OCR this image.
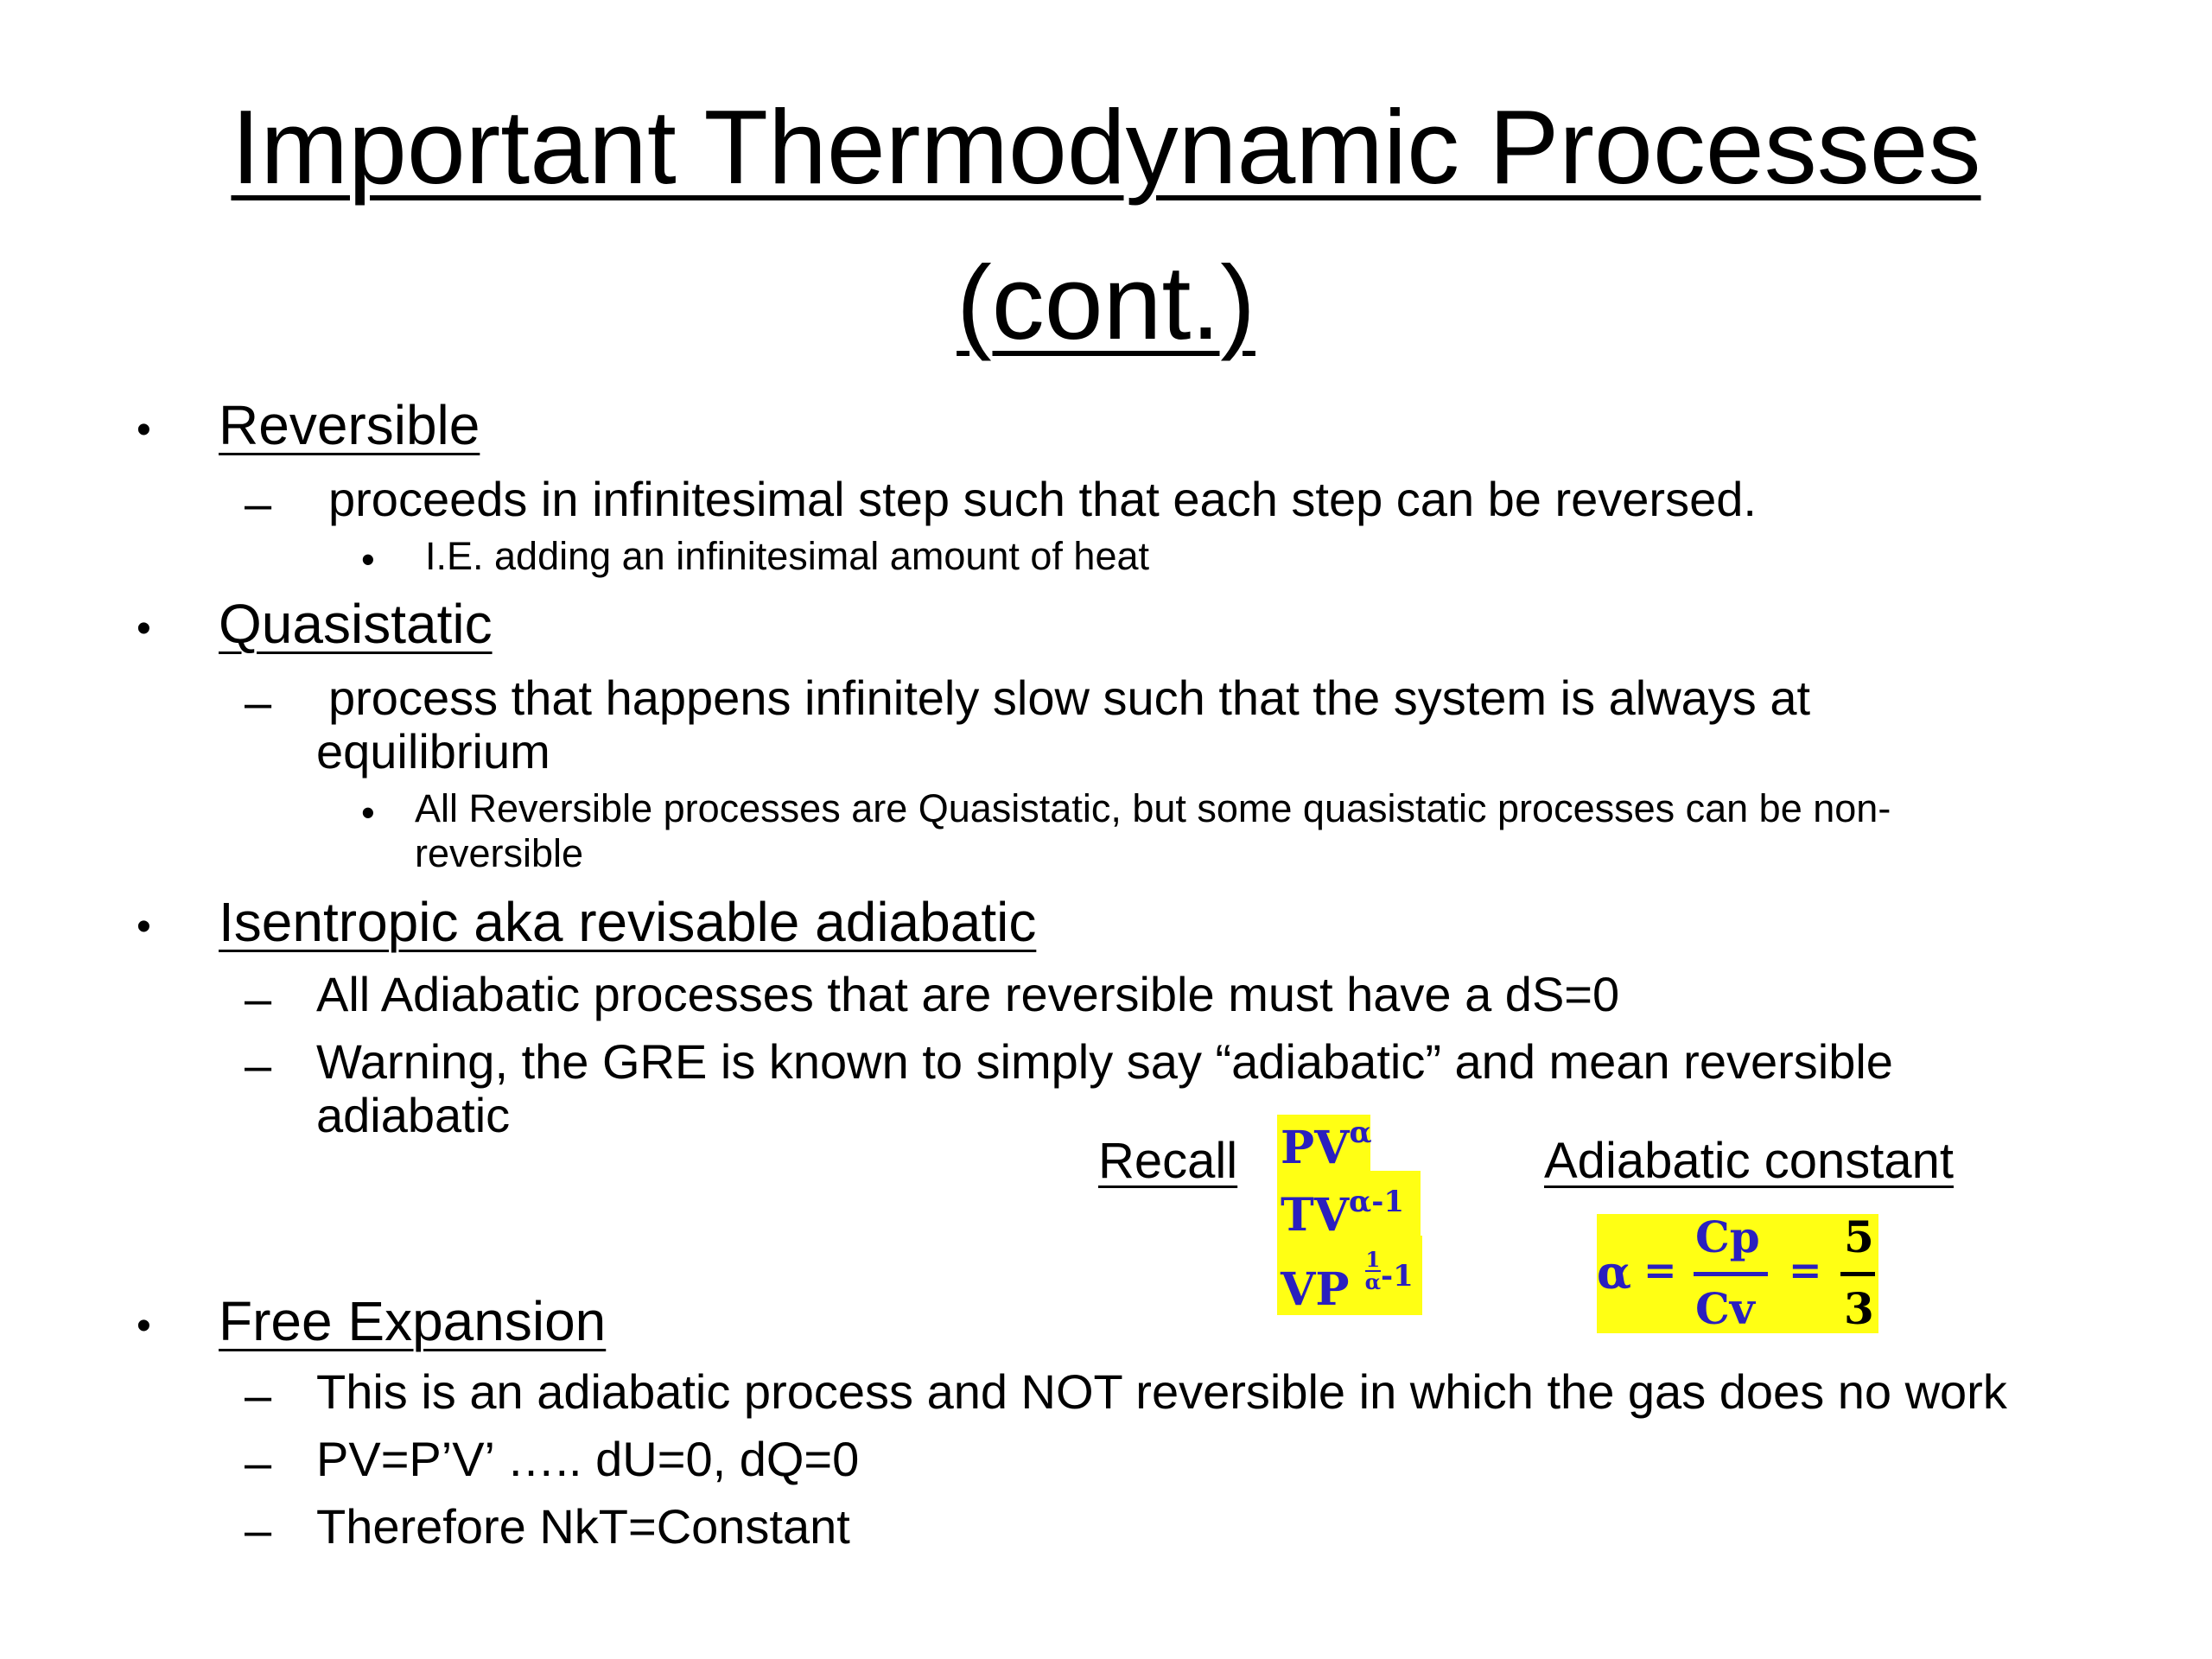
Important Thermodynamic Processes
(cont.)
• Reversible
– proceeds in infinitesimal step such that each step can be reversed.
• I.E. adding an infinitesimal amount of heat
• Quasistatic
– process that happens infinitely slow such that the system is always at
equilibrium
• All Reversible processes are Quasistatic, but some quasistatic processes can be non-
reversible
• Isentropic aka revisable adiabatic
– All Adiabatic processes that are reversible must have a dS=0
– Warning, the GRE is known to simply say “adiabatic” and mean reversible
adiabatic
Recall $PV^\alpha$
$TV^{\alpha-1}$
VP $\frac{1}{\alpha} ^{-1}$
Adiabatic constant
α =
Cp
Cv
=
5
3
• Free Expansion
– This is an adiabatic process and NOT reversible in which the gas does no work
– PV=P’V’ ….. dU=0, dQ=0
– Therefore NkT=Constant
